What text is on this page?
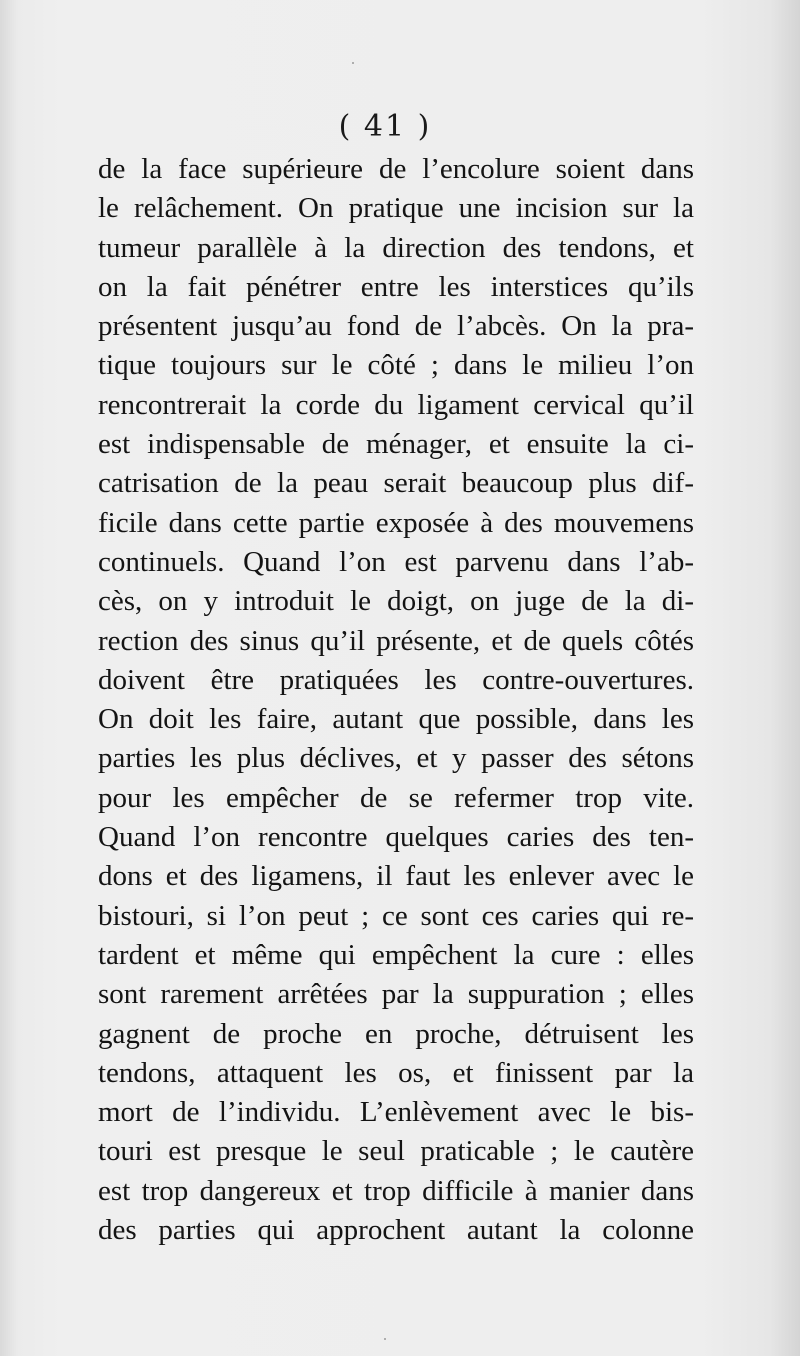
( 41 )
de la face supérieure de l’encolure soient dans
le relâchement. On pratique une incision sur la
tumeur parallèle à la direction des tendons, et
on la fait pénétrer entre les interstices qu’ils
présentent jusqu’au fond de l’abcès. On la pra-
tique toujours sur le côté ; dans le milieu l’on
rencontrerait la corde du ligament cervical qu’il
est indispensable de ménager, et ensuite la ci-
catrisation de la peau serait beaucoup plus dif-
ficile dans cette partie exposée à des mouvemens
continuels. Quand l’on est parvenu dans l’ab-
cès, on y introduit le doigt, on juge de la di-
rection des sinus qu’il présente, et de quels côtés
doivent être pratiquées les contre-ouvertures.
On doit les faire, autant que possible, dans les
parties les plus déclives, et y passer des sétons
pour les empêcher de se refermer trop vite.
Quand l’on rencontre quelques caries des ten-
dons et des ligamens, il faut les enlever avec le
bistouri, si l’on peut ; ce sont ces caries qui re-
tardent et même qui empêchent la cure : elles
sont rarement arrêtées par la suppuration ; elles
gagnent de proche en proche, détruisent les
tendons, attaquent les os, et finissent par la
mort de l’individu. L’enlèvement avec le bis-
touri est presque le seul praticable ; le cautère
est trop dangereux et trop difficile à manier dans
des parties qui approchent autant la colonne
